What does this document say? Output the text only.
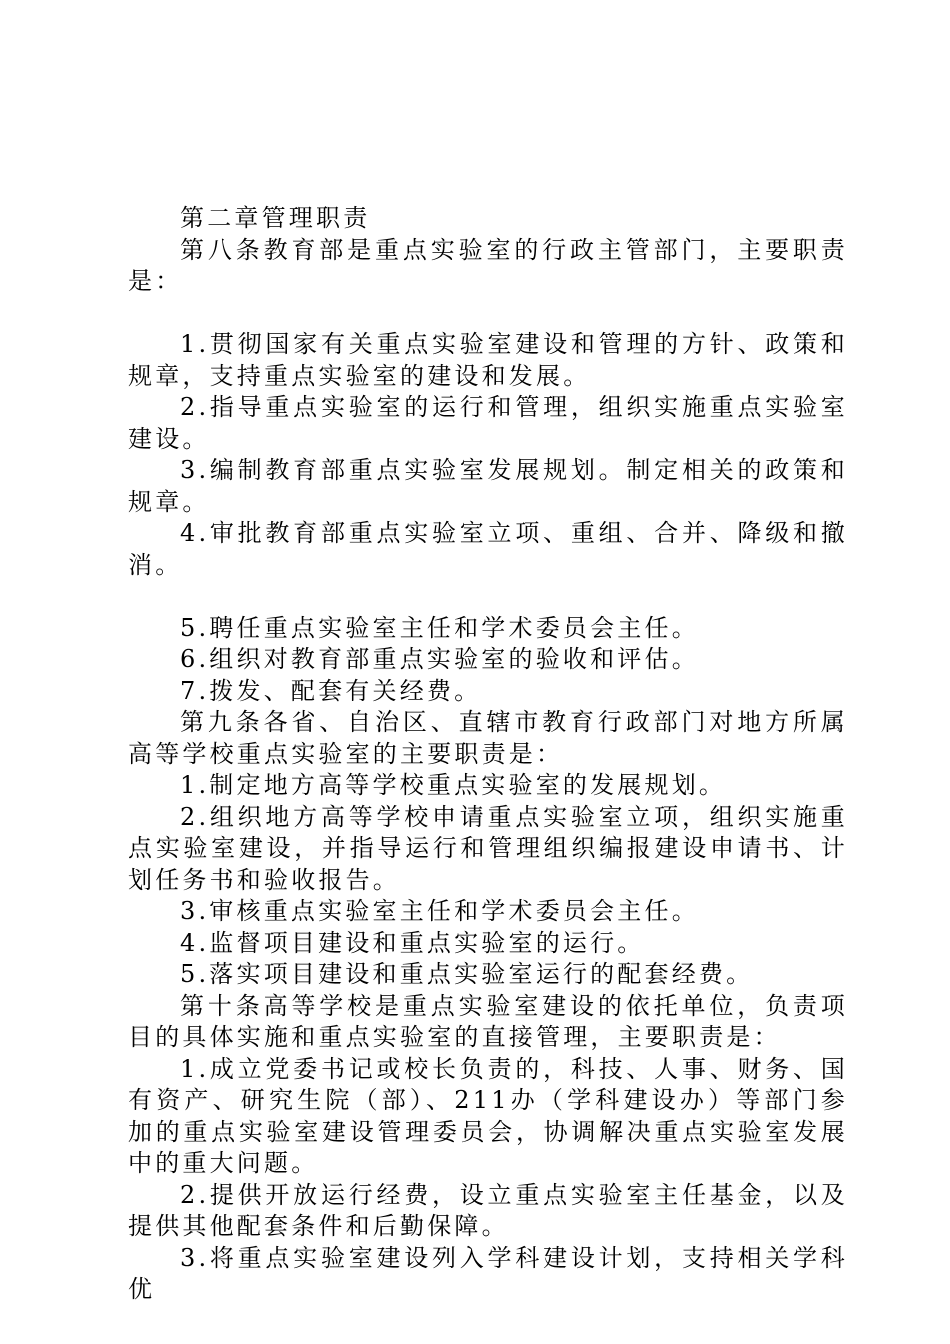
第二章管理职责

第八条教育部是重点实验室的行政主管部门，主要职责是：

1.贯彻国家有关重点实验室建设和管理的方针、政策和规章，支持重点实验室的建设和发展。

2.指导重点实验室的运行和管理，组织实施重点实验室建设。

3.编制教育部重点实验室发展规划。制定相关的政策和规章。

4.审批教育部重点实验室立项、重组、合并、降级和撤消。

5.聘任重点实验室主任和学术委员会主任。

6.组织对教育部重点实验室的验收和评估。

7.拨发、配套有关经费。

第九条各省、自治区、直辖市教育行政部门对地方所属高等学校重点实验室的主要职责是：

1.制定地方高等学校重点实验室的发展规划。

2.组织地方高等学校申请重点实验室立项，组织实施重点实验室建设，并指导运行和管理组织编报建设申请书、计划任务书和验收报告。

3.审核重点实验室主任和学术委员会主任。

4.监督项目建设和重点实验室的运行。

5.落实项目建设和重点实验室运行的配套经费。

第十条高等学校是重点实验室建设的依托单位，负责项目的具体实施和重点实验室的直接管理，主要职责是：

1.成立党委书记或校长负责的，科技、人事、财务、国有资产、研究生院（部）、211办（学科建设办）等部门参加的重点实验室建设管理委员会，协调解决重点实验室发展中的重大问题。

2.提供开放运行经费，设立重点实验室主任基金，以及提供其他配套条件和后勤保障。

3.将重点实验室建设列入学科建设计划，支持相关学科优
